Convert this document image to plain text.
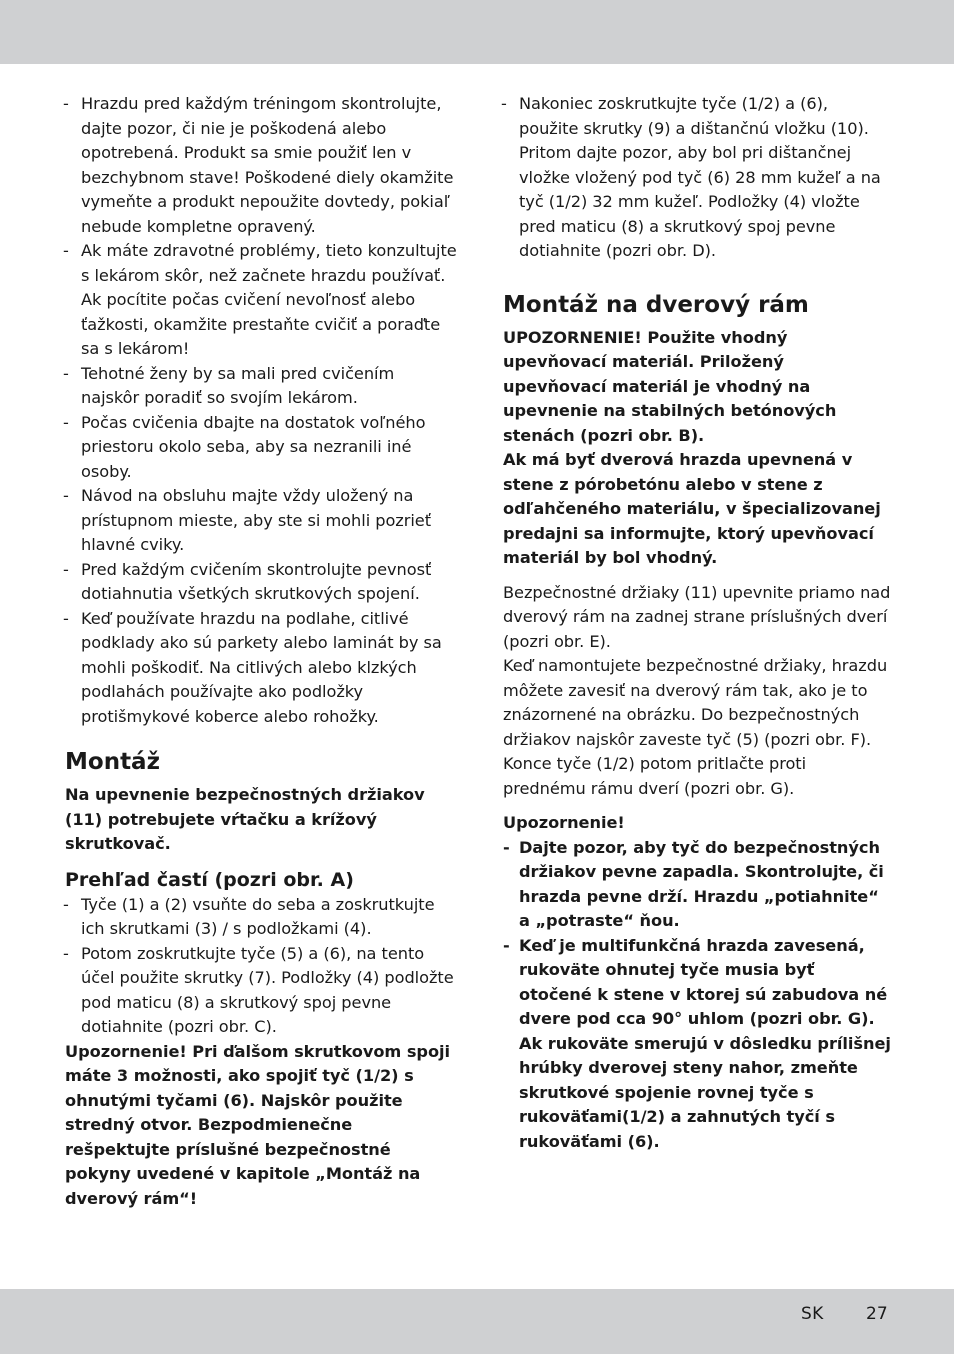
- Hrazdu pred každým tréningom skontrolujte, dajte pozor, či nie je poškodená alebo opotrebená. Produkt sa smie použiť len v bezchybnom stave! Poškodené diely okamžite vymeňte a produkt nepoužite dovtedy, pokiaľ nebude kompletne opravený.
- Ak máte zdravotné problémy, tieto konzultujte s lekárom skôr, než začnete hrazdu používať. Ak pocítite počas cvičení nevoľnosť alebo ťažkosti, okamžite prestaňte cvičiť a poraďte sa s lekárom!
- Tehotné ženy by sa mali pred cvičením najskôr poradiť so svojím lekárom.
- Počas cvičenia dbajte na dostatok voľného priestoru okolo seba, aby sa nezranili iné osoby.
- Návod na obsluhu majte vždy uložený na prístupnom mieste, aby ste si mohli pozrieť hlavné cviky.
- Pred každým cvičením skontrolujte pevnosť dotiahnutia všetkých skrutkových spojení.
- Keď používate hrazdu na podlahe, citlivé podklady ako sú parkety alebo laminát by sa mohli poškodiť. Na citlivých alebo klzkých podlahách používajte ako podložky protišmykové koberce alebo rohožky.
Montáž

Na upevnenie bezpečnostných držiakov (11) potrebujete vŕtačku a krížový skrutkovač.

Prehľad častí (pozri obr. A)
- Tyče (1) a (2) vsuňte do seba a zoskrutkujte ich skrutkami (3) / s podložkami (4).
- Potom zoskrutkujte tyče (5) a (6), na tento účel použite skrutky (7). Podložky (4) podložte pod maticu (8) a skrutkový spoj pevne dotiahnite (pozri obr. C).

Upozornenie! Pri ďalšom skrutkovom spoji máte 3 možnosti, ako spojiť tyč (1/2) s ohnutými tyčami (6). Najskôr použite stredný otvor. Bezpodmienečne rešpektujte príslušné bezpečnostné pokyny uvedené v kapitole „Montáž na dverový rám“!

- Nakoniec zoskrutkujte tyče (1/2) a (6), použite skrutky (9) a dištančnú vložku (10). Pritom dajte pozor, aby bol pri dištančnej vložke vložený pod tyč (6) 28 mm kužeľ a na tyč (1/2) 32 mm kužeľ. Podložky (4) vložte pred maticu (8) a skrutkový spoj pevne dotiahnite (pozri obr. D).
Montáž na dverový rám

UPOZORNENIE! Použite vhodný upevňovací materiál. Priložený upevňovací materiál je vhodný na upevnenie na stabilných betónových stenách (pozri obr. B).

Ak má byť dverová hrazda upevnená v stene z pórobetónu alebo v stene z odľahčeného materiálu, v špecializovanej predajni sa informujte, ktorý upevňovací materiál by bol vhodný.

Bezpečnostné držiaky (11) upevnite priamo nad dverový rám na zadnej strane príslušných dverí (pozri obr. E).

Keď namontujete bezpečnostné držiaky, hrazdu môžete zavesiť na dverový rám tak, ako je to znázornené na obrázku. Do bezpečnostných držiakov najskôr zaveste tyč (5) (pozri obr. F). Konce tyče (1/2) potom pritlačte proti prednému rámu dverí (pozri obr. G).

Upozornenie!

- Dajte pozor, aby tyč do bezpečnostných držiakov pevne zapadla. Skontrolujte, či hrazda pevne drží. Hrazdu „potiahnite“ a „potraste“ ňou.
- Keď je multifunkčná hrazda zavesená, rukoväte ohnutej tyče musia byť otočené k stene v ktorej sú zabudova né dvere pod cca 90° uhlom (pozri obr. G).

Ak rukoväte smerujú v dôsledku prílišnej hrúbky dverovej steny nahor, zmeňte skrutkové spojenie rovnej tyče s rukoväťami(1/2) a zahnutých tyčí s rukoväťami (6).

SK 27
